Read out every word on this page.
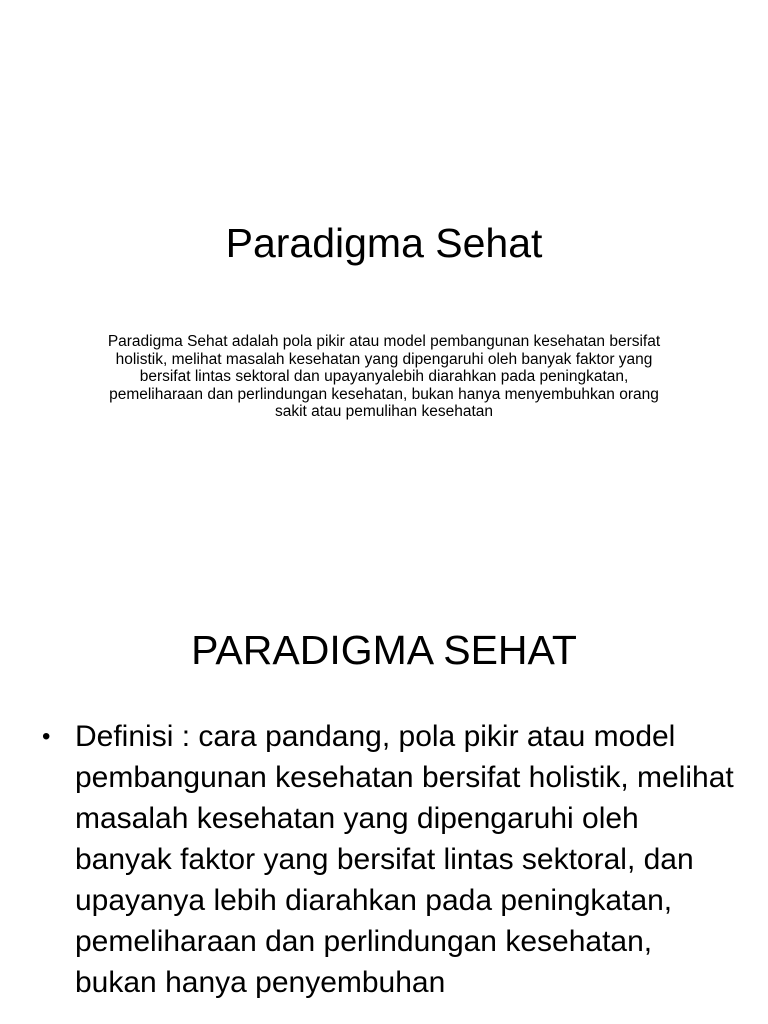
Paradigma Sehat

Paradigma Sehat adalah pola pikir atau model pembangunan kesehatan bersifat holistik, melihat masalah kesehatan yang dipengaruhi oleh banyak faktor yang bersifat lintas sektoral dan upayanyalebih diarahkan pada peningkatan, pemeliharaan dan perlindungan kesehatan, bukan hanya menyembuhkan orang sakit atau pemulihan kesehatan

PARADIGMA SEHAT
• Definisi : cara pandang, pola pikir atau model pembangunan kesehatan bersifat holistik, melihat masalah kesehatan yang dipengaruhi oleh banyak faktor yang bersifat lintas sektoral, dan upayanya lebih diarahkan pada peningkatan, pemeliharaan dan perlindungan kesehatan, bukan hanya penyembuhan
